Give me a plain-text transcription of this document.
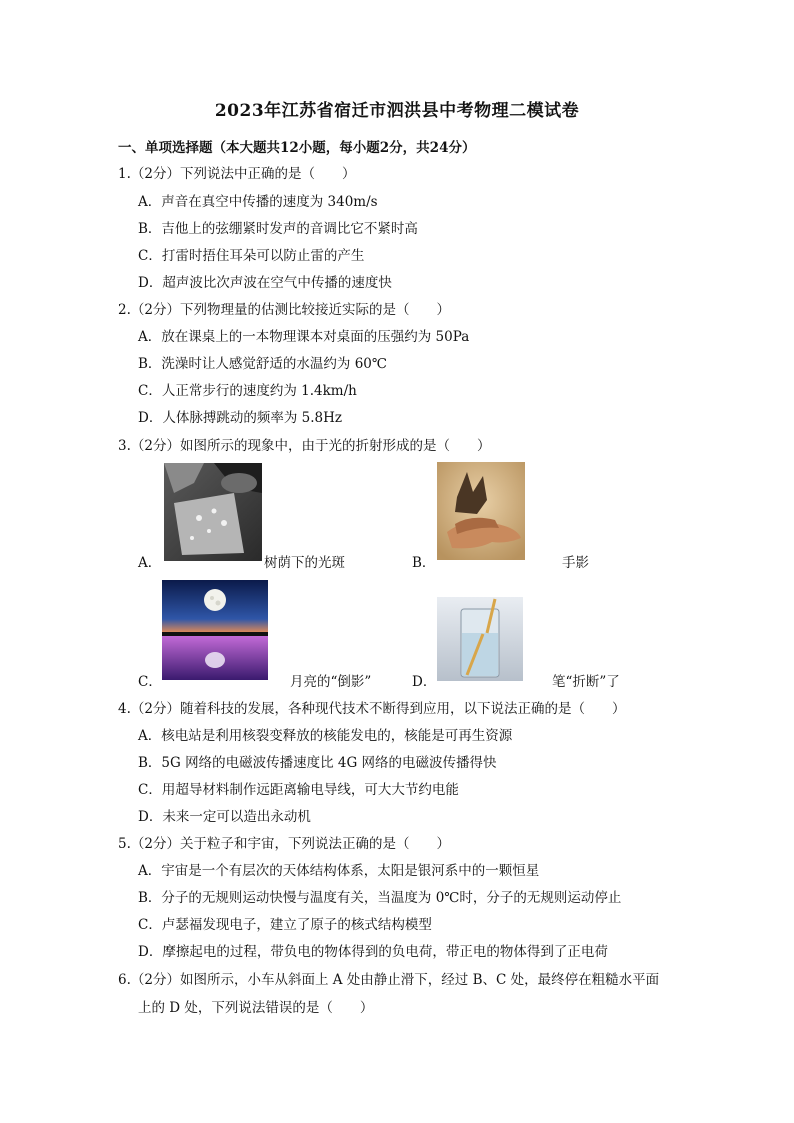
2023年江苏省宿迁市泗洪县中考物理二模试卷
一、单项选择题（本大题共12小题，每小题2分，共24分）
1.（2分）下列说法中正确的是（　　）
A．声音在真空中传播的速度为 340m/s
B．吉他上的弦绷紧时发声的音调比它不紧时高
C．打雷时捂住耳朵可以防止雷的产生
D．超声波比次声波在空气中传播的速度快
2.（2分）下列物理量的估测比较接近实际的是（　　）
A．放在课桌上的一本物理课本对桌面的压强约为 50Pa
B．洗澡时让人感觉舒适的水温约为 60℃
C．人正常步行的速度约为 1.4km/h
D．人体脉搏跳动的频率为 5.8Hz
3.（2分）如图所示的现象中，由于光的折射形成的是（　　）
A．	树荫下的光斑	B．	手影
C．	月亮的“倒影”	D．	笔“折断”了
4.（2分）随着科技的发展，各种现代技术不断得到应用，以下说法正确的是（　　）
A．核电站是利用核裂变释放的核能发电的，核能是可再生资源
B．5G 网络的电磁波传播速度比 4G 网络的电磁波传播得快
C．用超导材料制作远距离输电导线，可大大节约电能
D．未来一定可以造出永动机
5.（2分）关于粒子和宇宙，下列说法正确的是（　　）
A．宇宙是一个有层次的天体结构体系，太阳是银河系中的一颗恒星
B．分子的无规则运动快慢与温度有关，当温度为 0℃时，分子的无规则运动停止
C．卢瑟福发现电子，建立了原子的核式结构模型
D．摩擦起电的过程，带负电的物体得到的负电荷，带正电的物体得到了正电荷
6.（2分）如图所示，小车从斜面上 A 处由静止滑下，经过 B、C 处，最终停在粗糙水平面
上的 D 处，下列说法错误的是（　　）
